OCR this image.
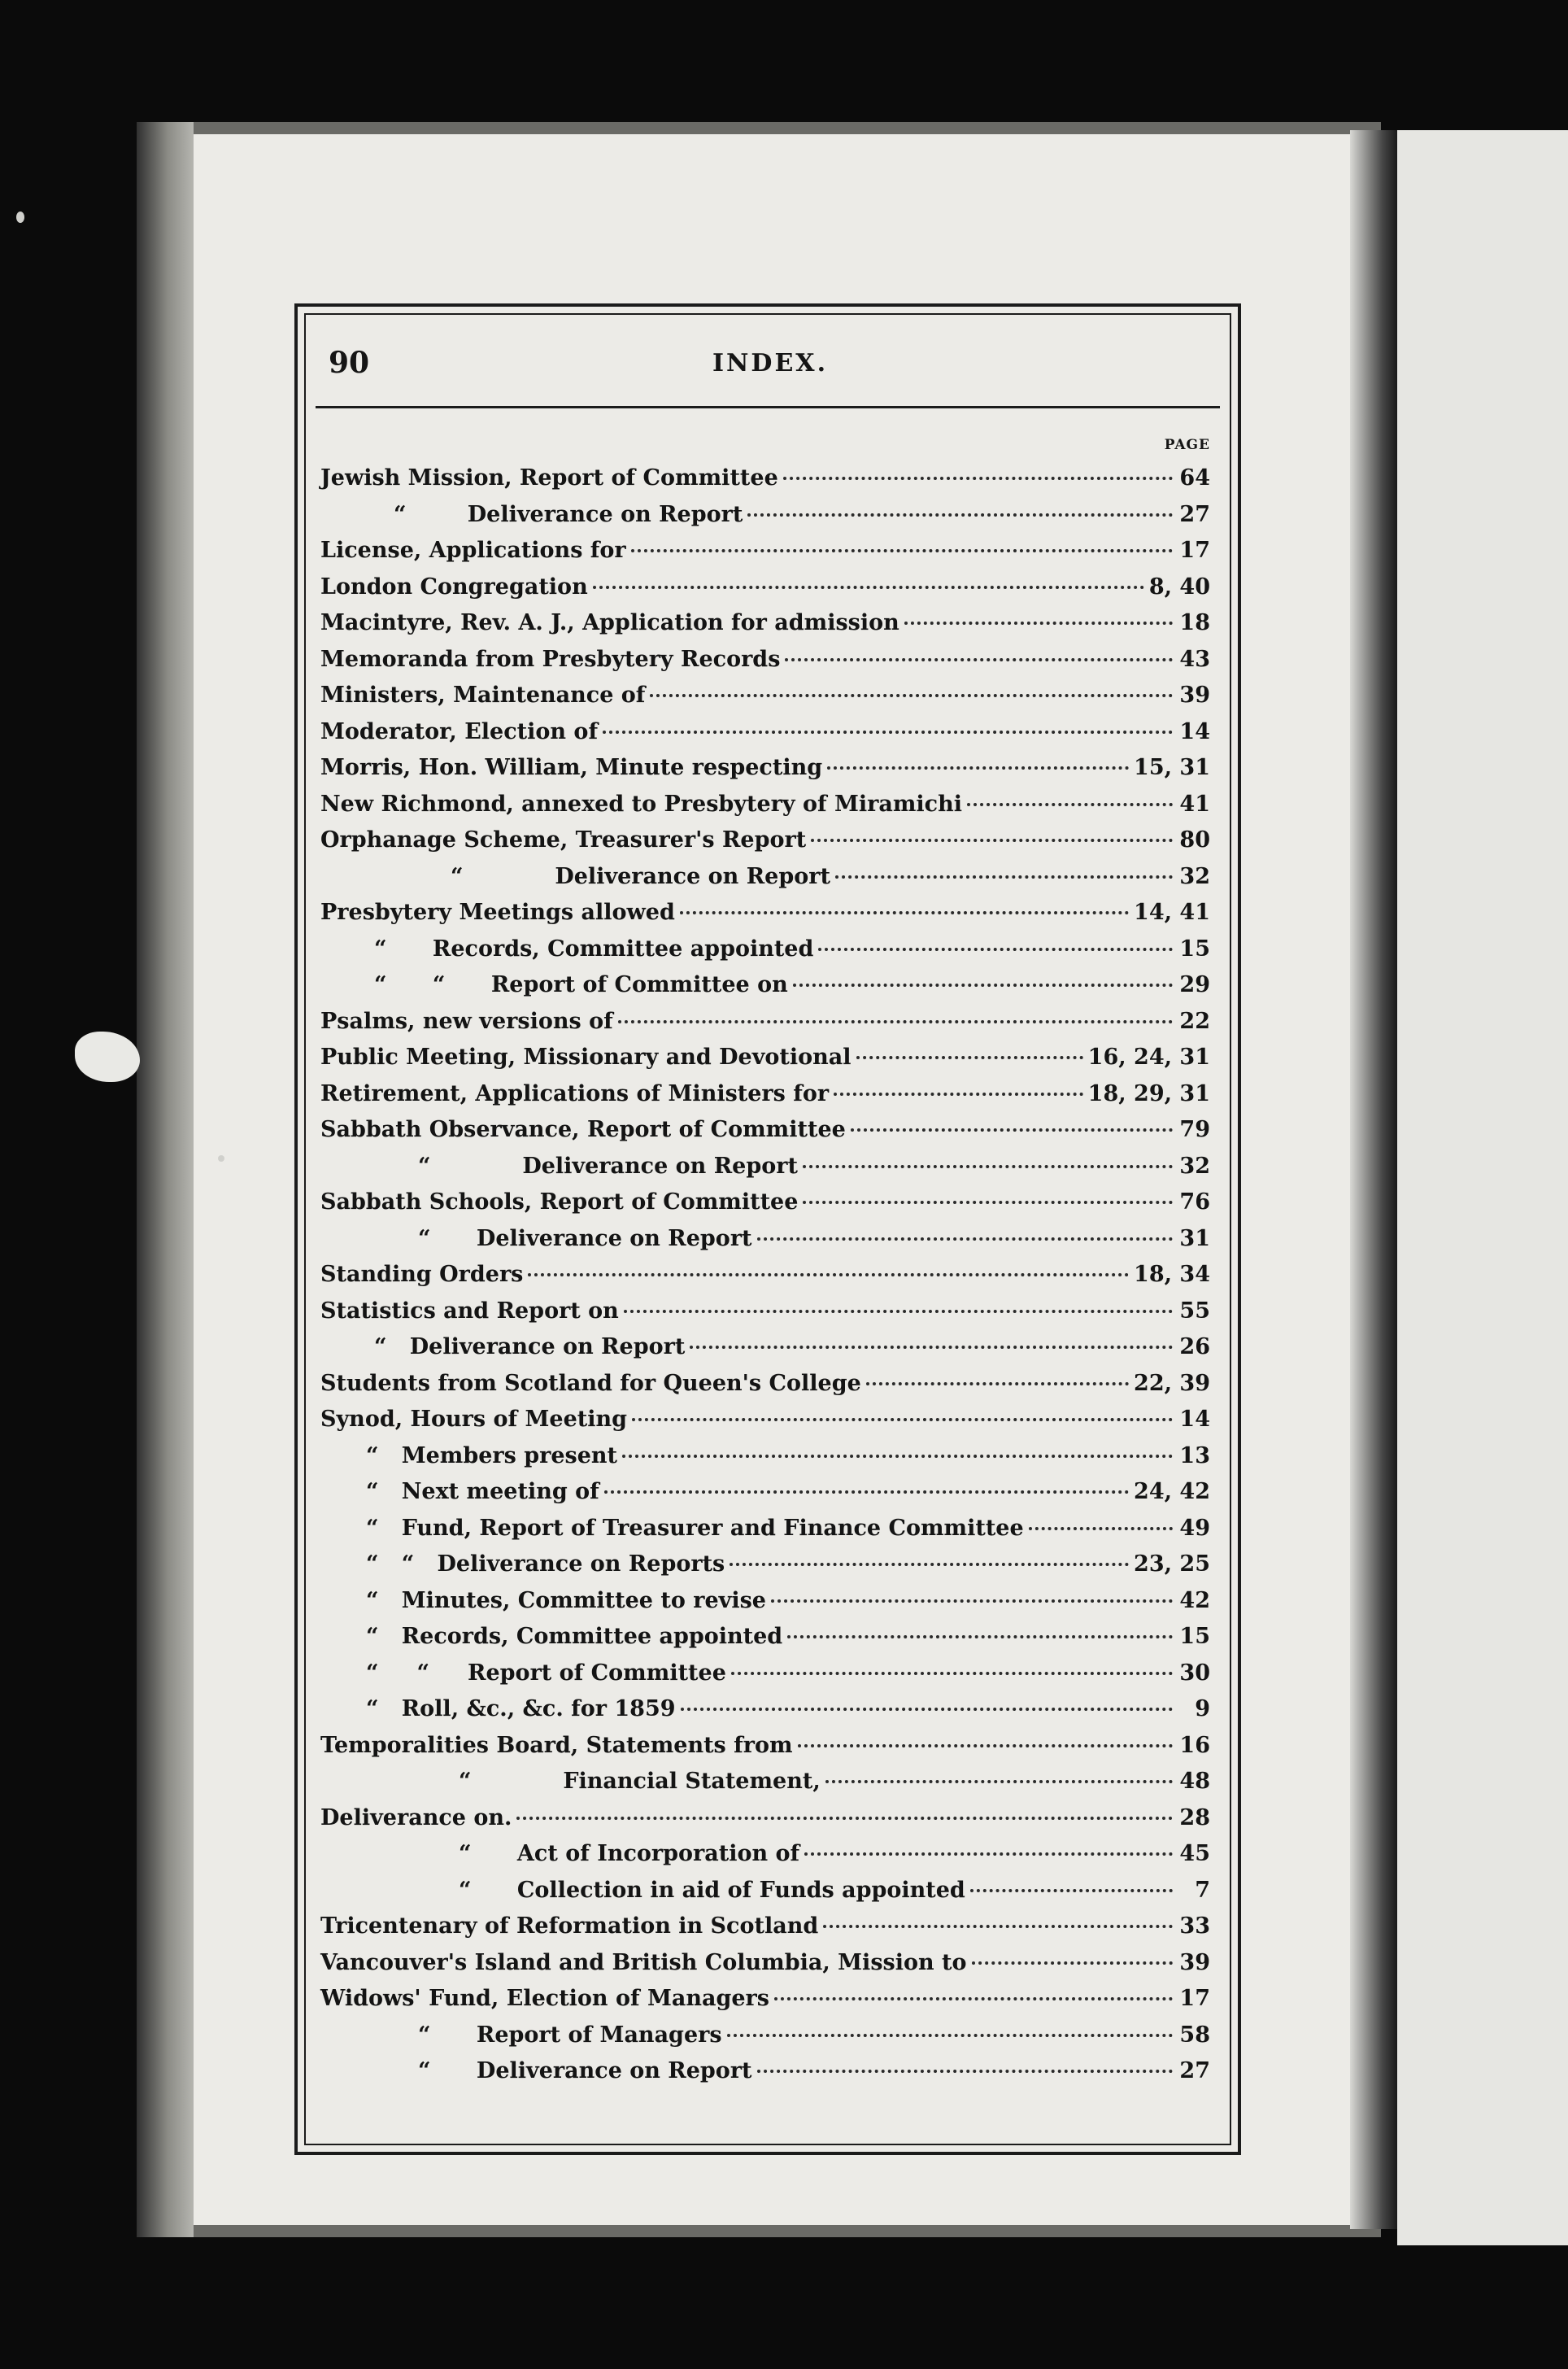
90	INDEX.
PAGE
Jewish Mission, Report of Committee	64
“        Deliverance on Report	27
License, Applications for	17
London Congregation	8, 40
Macintyre, Rev. A. J., Application for admission	18
Memoranda from Presbytery Records	43
Ministers, Maintenance of	39
Moderator, Election of	14
Morris, Hon. William, Minute respecting	15, 31
New Richmond, annexed to Presbytery of Miramichi	41
Orphanage Scheme, Treasurer's Report	80
“            Deliverance on Report	32
Presbytery Meetings allowed	14, 41
“      Records, Committee appointed	15
“      “      Report of Committee on	29
Psalms, new versions of	22
Public Meeting, Missionary and Devotional	16, 24, 31
Retirement, Applications of Ministers for	18, 29, 31
Sabbath Observance, Report of Committee	79
“            Deliverance on Report	32
Sabbath Schools, Report of Committee	76
“      Deliverance on Report	31
Standing Orders	18, 34
Statistics and Report on	55
“   Deliverance on Report	26
Students from Scotland for Queen's College	22, 39
Synod, Hours of Meeting	14
“   Members present	13
“   Next meeting of	24, 42
“   Fund, Report of Treasurer and Finance Committee	49
“   “   Deliverance on Reports	23, 25
“   Minutes, Committee to revise	42
“   Records, Committee appointed	15
“     “     Report of Committee	30
“   Roll, &c., &c. for 1859	9
Temporalities Board, Statements from	16
“            Financial Statement,	48
Deliverance on.	28
“      Act of Incorporation of	45
“      Collection in aid of Funds appointed	7
Tricentenary of Reformation in Scotland	33
Vancouver's Island and British Columbia, Mission to	39
Widows' Fund, Election of Managers	17
“      Report of Managers	58
“      Deliverance on Report	27
